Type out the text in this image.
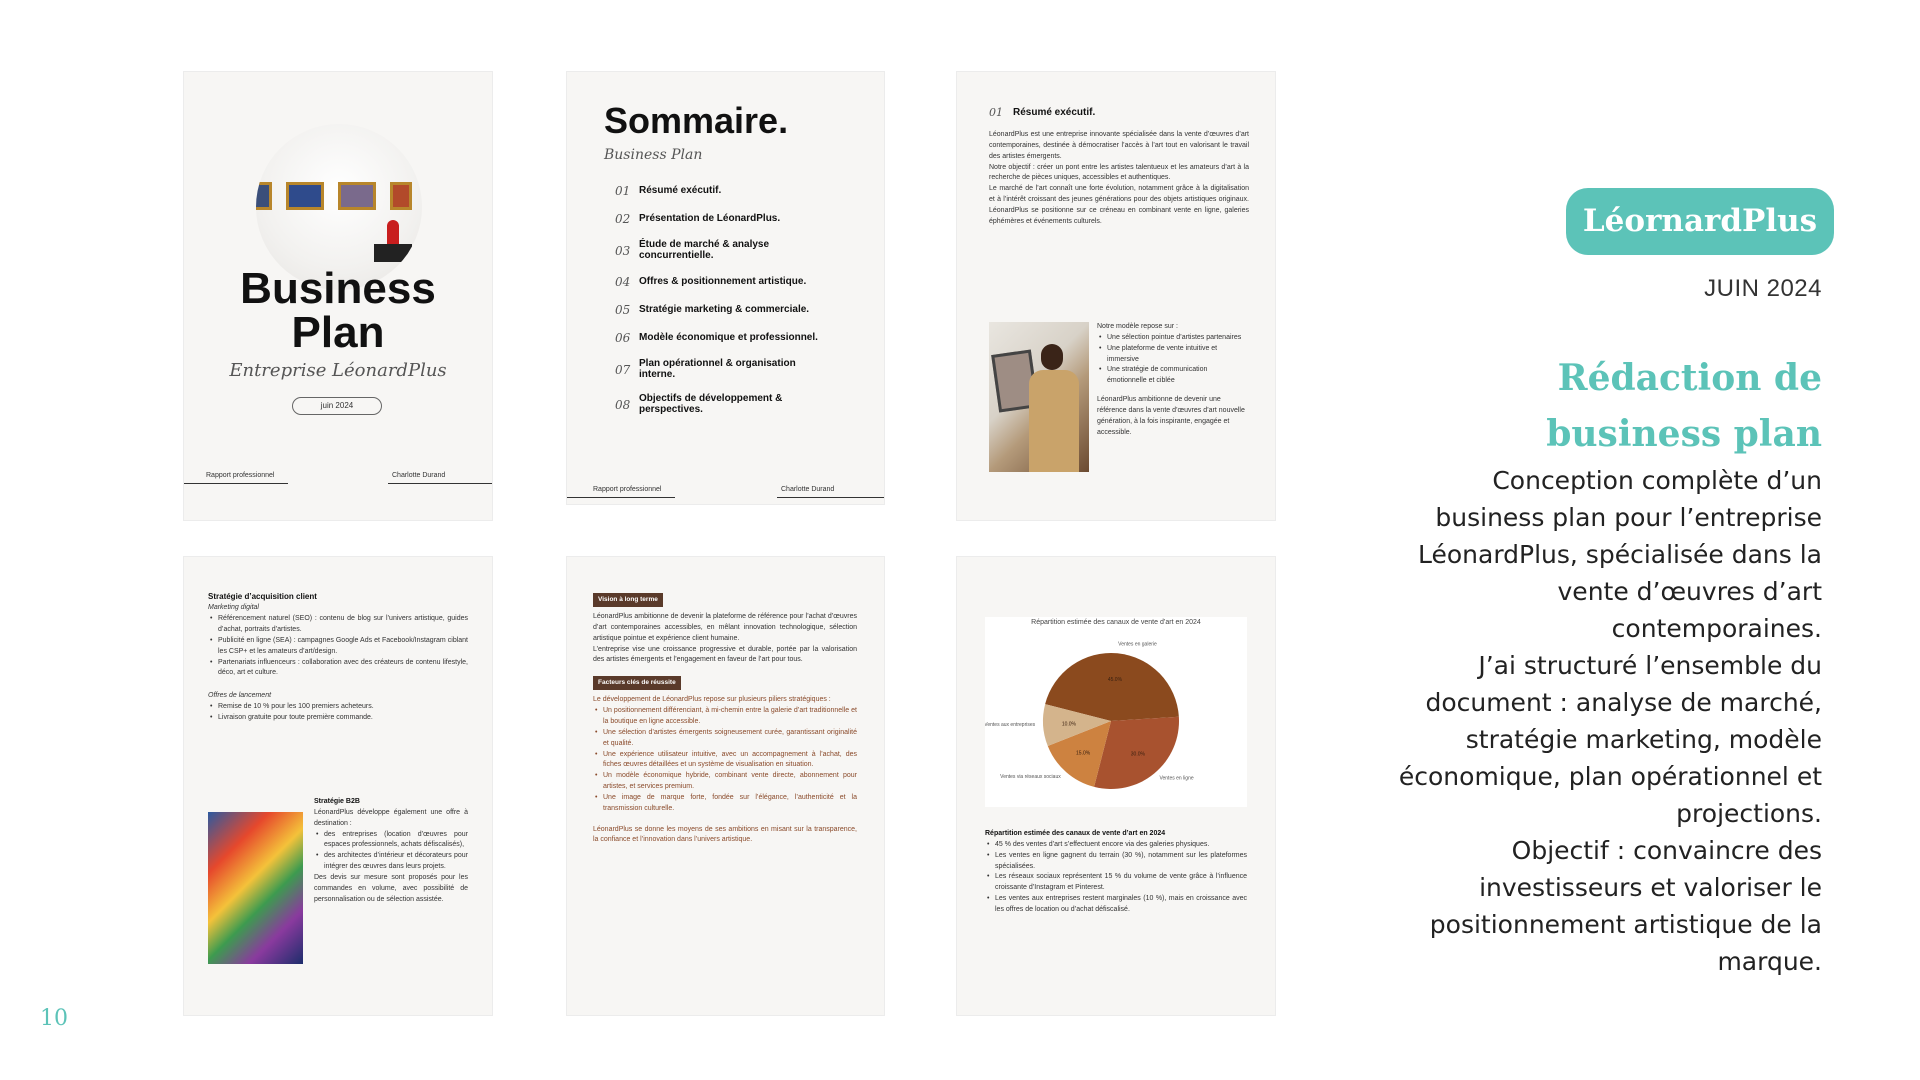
Business
Plan
Entreprise LéonardPlus
juin 2024
Rapport professionnel	Charlotte Durand
Sommaire.
Business Plan
01 Résumé exécutif.
02 Présentation de LéonardPlus.
03 Étude de marché & analyse concurrentielle.
04 Offres & positionnement artistique.
05 Stratégie marketing & commerciale.
06 Modèle économique et professionnel.
07 Plan opérationnel & organisation interne.
08 Objectifs de développement & perspectives.
Rapport professionnel	Charlotte Durand
01 Résumé exécutif.

LéonardPlus est une entreprise innovante spécialisée dans la vente d’œuvres d’art contemporaines, destinée à démocratiser l’accès à l’art tout en valorisant le travail des artistes émergents.

Notre objectif : créer un pont entre les artistes talentueux et les amateurs d’art à la recherche de pièces uniques, accessibles et authentiques.

Le marché de l’art connaît une forte évolution, notamment grâce à la digitalisation et à l’intérêt croissant des jeunes générations pour des objets artistiques originaux. LéonardPlus se positionne sur ce créneau en combinant vente en ligne, galeries éphémères et événements culturels.

Notre modèle repose sur :

• Une sélection pointue d’artistes partenaires
• Une plateforme de vente intuitive et immersive
• Une stratégie de communication émotionnelle et ciblée

LéonardPlus ambitionne de devenir une référence dans la vente d’œuvres d’art nouvelle génération, à la fois inspirante, engagée et accessible.

Stratégie d’acquisition client

Marketing digital

• Référencement naturel (SEO) : contenu de blog sur l’univers artistique, guides d’achat, portraits d’artistes.
• Publicité en ligne (SEA) : campagnes Google Ads et Facebook/Instagram ciblant les CSP+ et les amateurs d’art/design.
• Partenariats influenceurs : collaboration avec des créateurs de contenu lifestyle, déco, art et culture.

Offres de lancement

• Remise de 10 % pour les 100 premiers acheteurs.
• Livraison gratuite pour toute première commande.

Stratégie B2B

LéonardPlus développe également une offre à destination :

• des entreprises (location d’œuvres pour espaces professionnels, achats défiscalisés),
• des architectes d’intérieur et décorateurs pour intégrer des œuvres dans leurs projets.

Des devis sur mesure sont proposés pour les commandes en volume, avec possibilité de personnalisation ou de sélection assistée.

Vision à long terme

LéonardPlus ambitionne de devenir la plateforme de référence pour l’achat d’œuvres d’art contemporaines accessibles, en mêlant innovation technologique, sélection artistique pointue et expérience client humaine.

L’entreprise vise une croissance progressive et durable, portée par la valorisation des artistes émergents et l’engagement en faveur de l’art pour tous.

Facteurs clés de réussite

Le développement de LéonardPlus repose sur plusieurs piliers stratégiques :

• Un positionnement différenciant, à mi-chemin entre la galerie d’art traditionnelle et la boutique en ligne accessible.
• Une sélection d’artistes émergents soigneusement curée, garantissant originalité et qualité.
• Une expérience utilisateur intuitive, avec un accompagnement à l’achat, des fiches œuvres détaillées et un système de visualisation en situation.
• Un modèle économique hybride, combinant vente directe, abonnement pour artistes, et services premium.
• Une image de marque forte, fondée sur l’élégance, l’authenticité et la transmission culturelle.

LéonardPlus se donne les moyens de ses ambitions en misant sur la transparence, la confiance et l’innovation dans l’univers artistique.

Répartition estimée des canaux de vente d’art en 2024
45.0%
30.0%
15.0%
10.0%
Ventes en galerie
Ventes en ligne
Ventes via réseaux sociaux
Ventes aux entreprises

Répartition estimée des canaux de vente d’art en 2024

• 45 % des ventes d’art s’effectuent encore via des galeries physiques.
• Les ventes en ligne gagnent du terrain (30 %), notamment sur les plateformes spécialisées.
• Les réseaux sociaux représentent 15 % du volume de vente grâce à l’influence croissante d’Instagram et Pinterest.
• Les ventes aux entreprises restent marginales (10 %), mais en croissance avec les offres de location ou d’achat défiscalisé.
LéornardPlus
JUIN 2024
Rédaction de
business plan

Conception complète d’un business plan pour l’entreprise LéonardPlus, spécialisée dans la vente d’œuvres d’art contemporaines.

J’ai structuré l’ensemble du document : analyse de marché, stratégie marketing, modèle économique, plan opérationnel et projections.

Objectif : convaincre des investisseurs et valoriser le positionnement artistique de la marque.

10
